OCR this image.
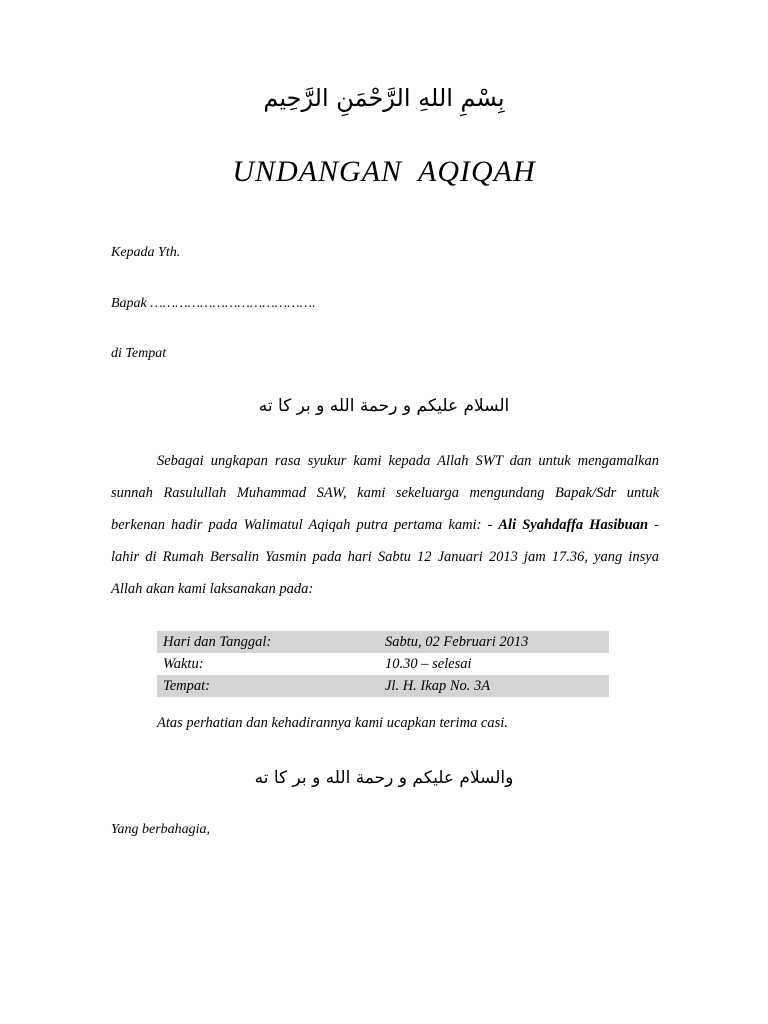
بِسْمِ اللهِ الرَّحْمَنِ الرَّحِيم
UNDANGAN AQIQAH
Kepada Yth.
Bapak ………………………………….
di Tempat
السلام عليكم و رحمة الله و بر كا ته
Sebagai ungkapan rasa syukur kami kepada Allah SWT dan untuk mengamalkan sunnah Rasulullah Muhammad SAW, kami sekeluarga mengundang Bapak/Sdr untuk berkenan hadir pada Walimatul Aqiqah putra pertama kami: - Ali Syahdaffa Hasibuan - lahir di Rumah Bersalin Yasmin pada hari Sabtu 12 Januari 2013 jam 17.36, yang insya Allah akan kami laksanakan pada:
Hari dan Tanggal:	Sabtu, 02 Februari 2013
Waktu:	10.30 – selesai
Tempat:	Jl. H. Ikap No. 3A
Atas perhatian dan kehadirannya kami ucapkan terima casi.
والسلام عليكم و رحمة الله و بر كا ته
Yang berbahagia,
